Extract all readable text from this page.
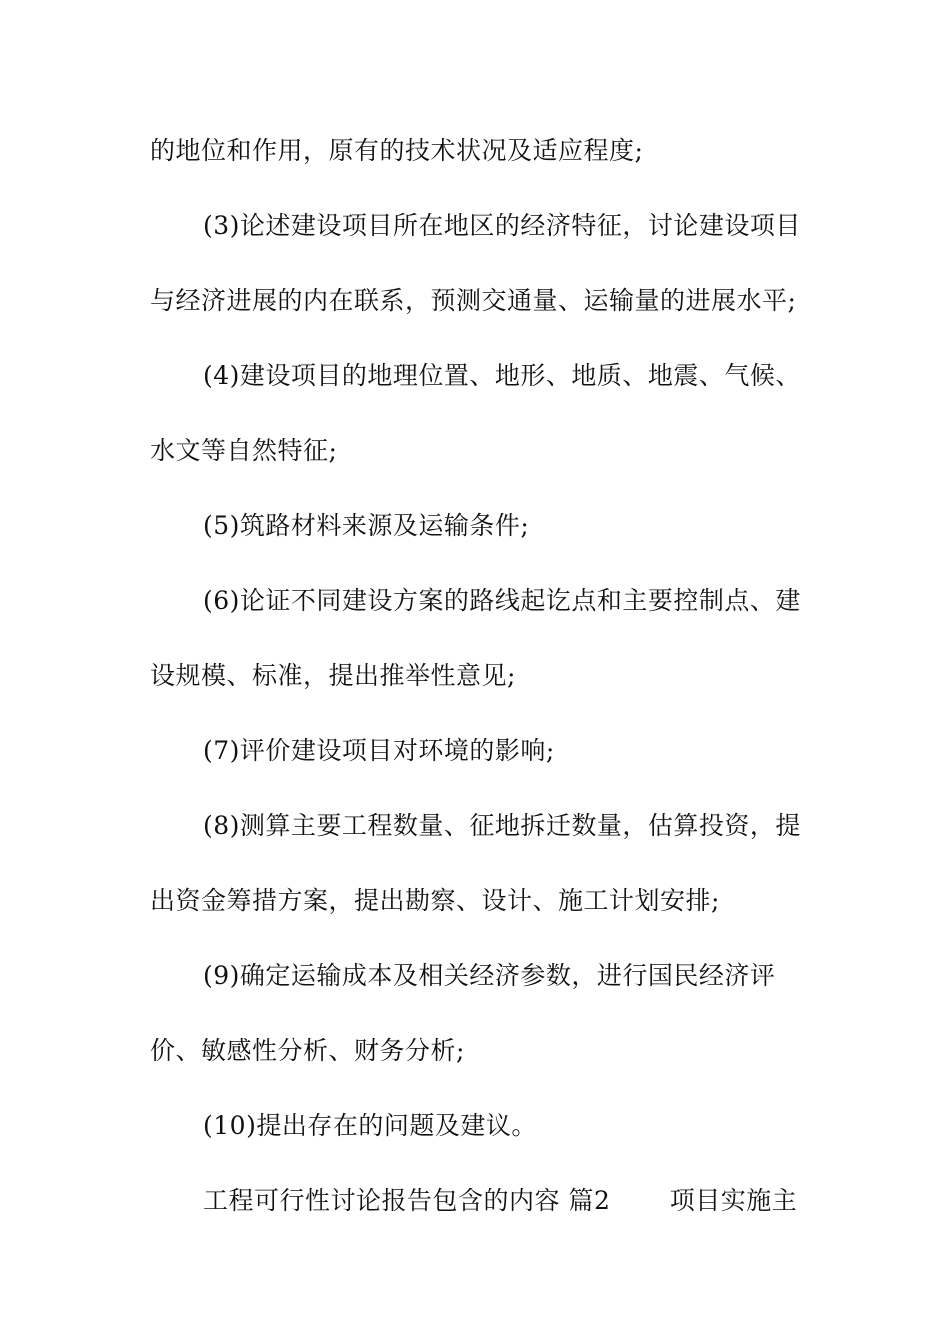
的地位和作用，原有的技术状况及适应程度;
(3)论述建设项目所在地区的经济特征，讨论建设项目
与经济进展的内在联系，预测交通量、运输量的进展水平;
(4)建设项目的地理位置、地形、地质、地震、气候、
水文等自然特征;
(5)筑路材料来源及运输条件;
(6)论证不同建设方案的路线起讫点和主要控制点、建
设规模、标准，提出推举性意见;
(7)评价建设项目对环境的影响;
(8)测算主要工程数量、征地拆迁数量，估算投资，提
出资金筹措方案，提出勘察、设计、施工计划安排;
(9)确定运输成本及相关经济参数，进行国民经济评
价、敏感性分析、财务分析;
(10)提出存在的问题及建议。
工程可行性讨论报告包含的内容 篇2 　　项目实施主
